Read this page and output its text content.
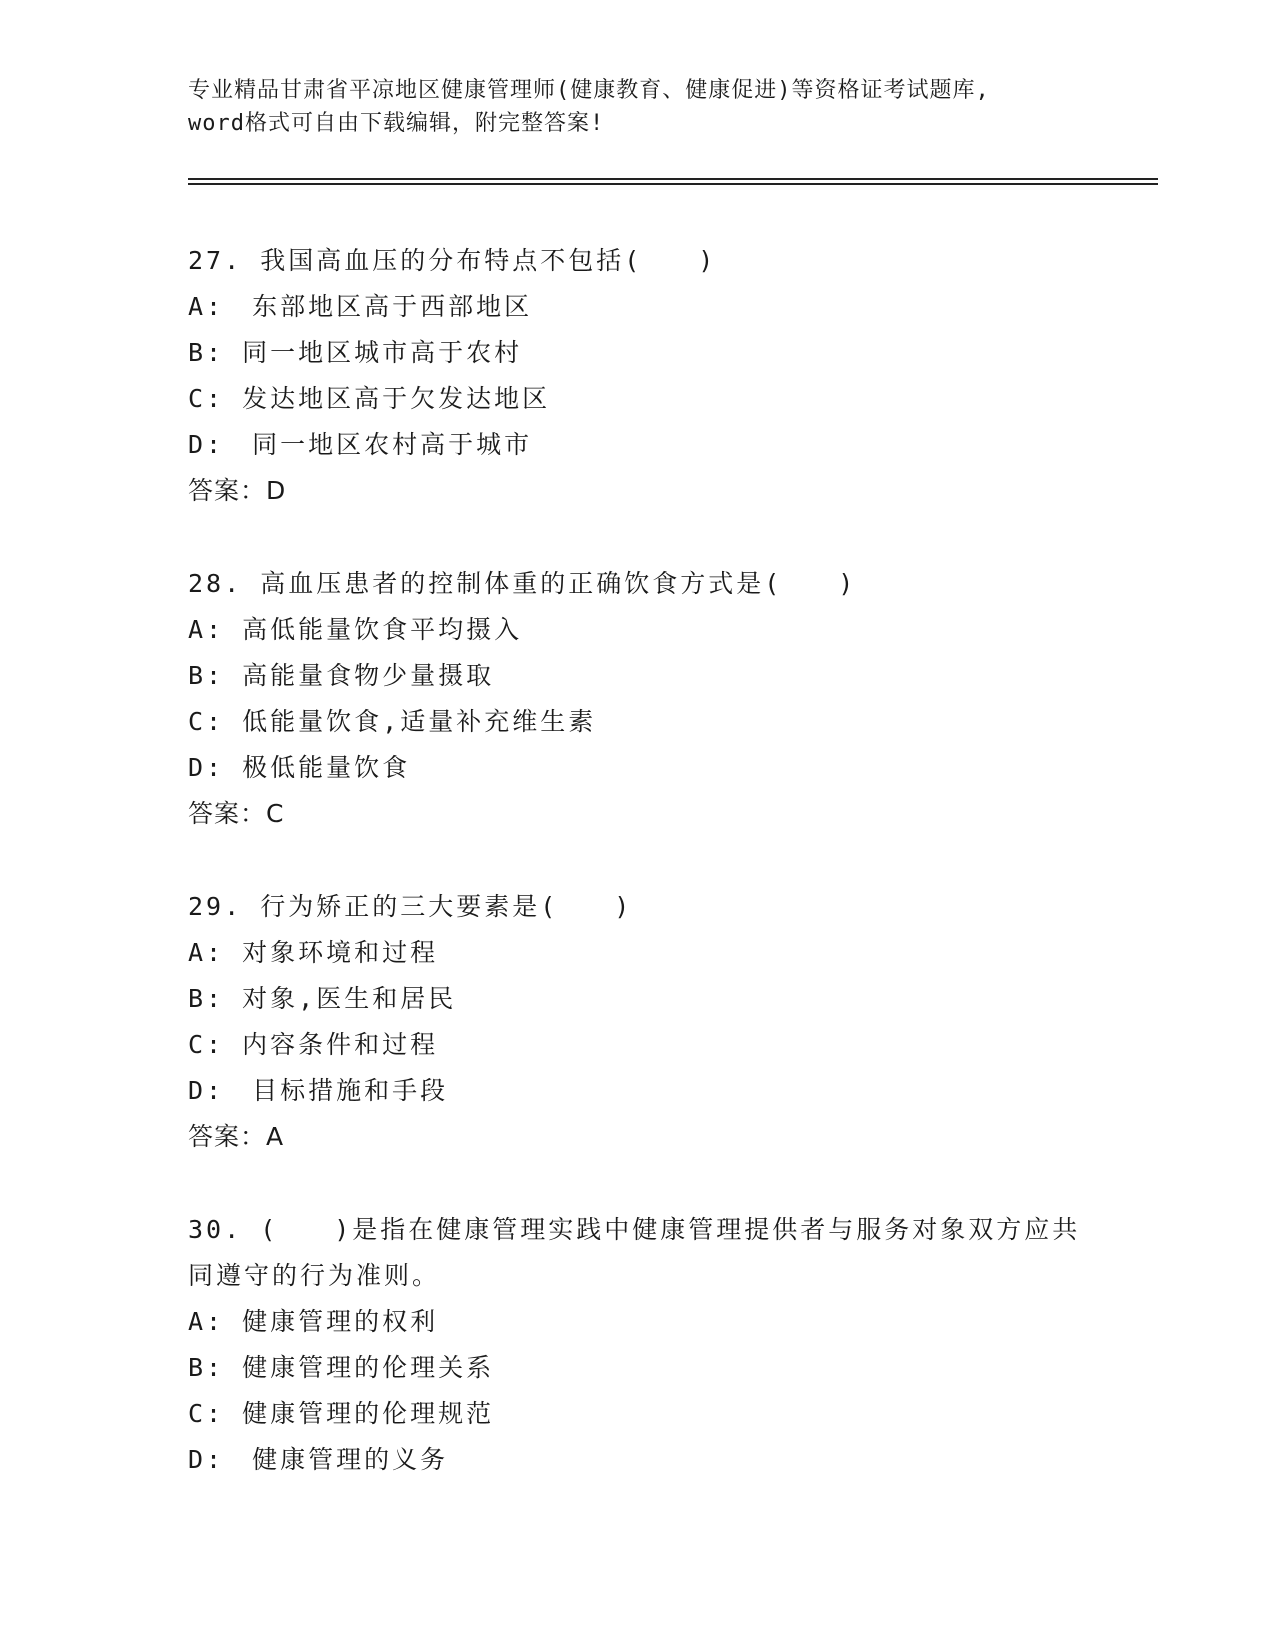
专业精品甘肃省平凉地区健康管理师(健康教育、健康促进)等资格证考试题库,
word格式可自由下载编辑，附完整答案!
27. 我国高血压的分布特点不包括(　　)
A:　东部地区高于西部地区
B: 同一地区城市高于农村
C: 发达地区高于欠发达地区
D:　同一地区农村高于城市
答案：D
28. 高血压患者的控制体重的正确饮食方式是(　　)
A: 高低能量饮食平均摄入
B: 高能量食物少量摄取
C: 低能量饮食,适量补充维生素
D: 极低能量饮食
答案：C
29. 行为矫正的三大要素是(　　)
A: 对象环境和过程
B: 对象,医生和居民
C: 内容条件和过程
D:　目标措施和手段
答案：A
30. (　　)是指在健康管理实践中健康管理提供者与服务对象双方应共同遵守的行为准则。
A: 健康管理的权利
B: 健康管理的伦理关系
C: 健康管理的伦理规范
D:　健康管理的义务
